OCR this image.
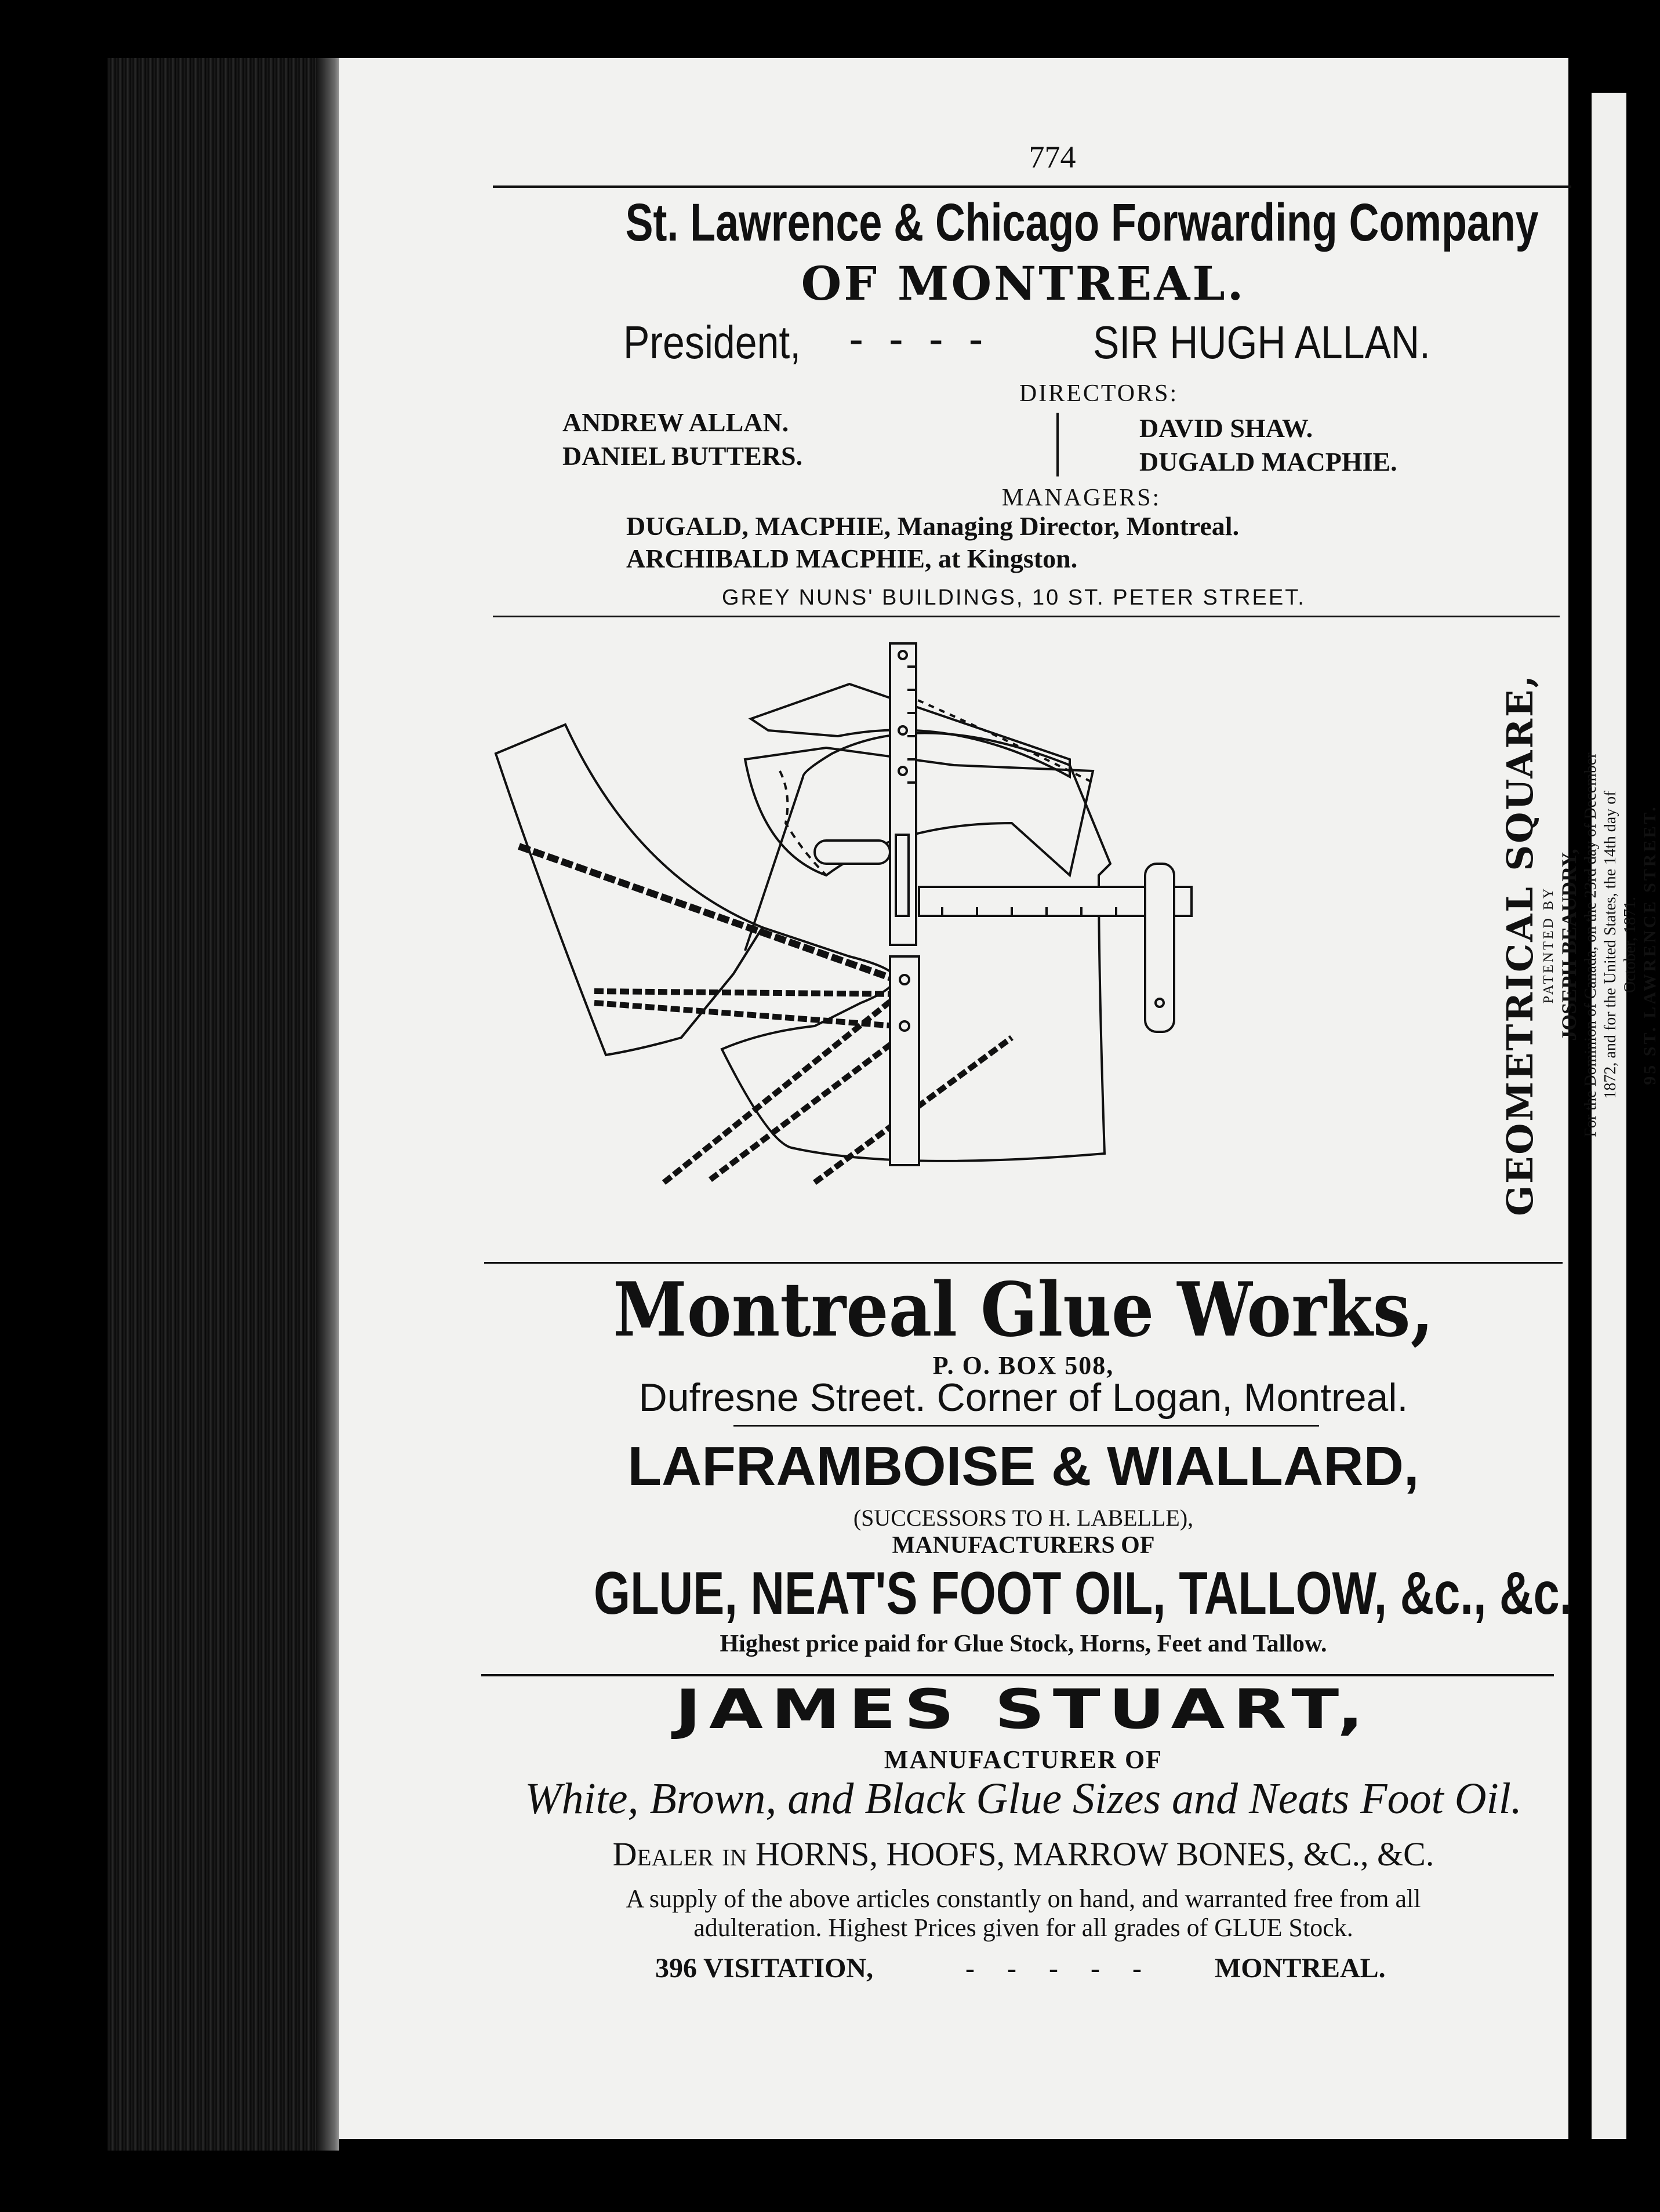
774
St. Lawrence & Chicago Forwarding Company
OF MONTREAL.
President, - - - - SIR HUGH ALLAN.
DIRECTORS:
ANDREW ALLAN.
DANIEL BUTTERS.
DAVID SHAW.
DUGALD MACPHIE.
MANAGERS:
DUGALD, MACPHIE, Managing Director, Montreal.
ARCHIBALD MACPHIE, at Kingston.
GREY NUNS' BUILDINGS, 10 ST. PETER STREET.
GEOMETRICAL SQUARE, PATENTED BY JOSEPH BEAUDRY, For the Dominion of Canada, on the 23rd day of December 1872, and for the United States, the 14th day of October, 1871. 95 ST. LAWRENCE STREET.
Montreal Glue Works,
P. O. BOX 508,
Dufresne Street. Corner of Logan, Montreal.
LAFRAMBOISE & WIALLARD,
(SUCCESSORS TO H. LABELLE),
MANUFACTURERS OF
GLUE, NEAT'S FOOT OIL, TALLOW, &c., &c.
Highest price paid for Glue Stock, Horns, Feet and Tallow.
JAMES STUART,
MANUFACTURER OF
White, Brown, and Black Glue Sizes and Neats Foot Oil.
Dealer in HORNS, HOOFS, MARROW BONES, &C., &C.
A supply of the above articles constantly on hand, and warranted free from all
adulteration. Highest Prices given for all grades of GLUE Stock.
396 VISITATION,	- - - - - MONTREAL.
